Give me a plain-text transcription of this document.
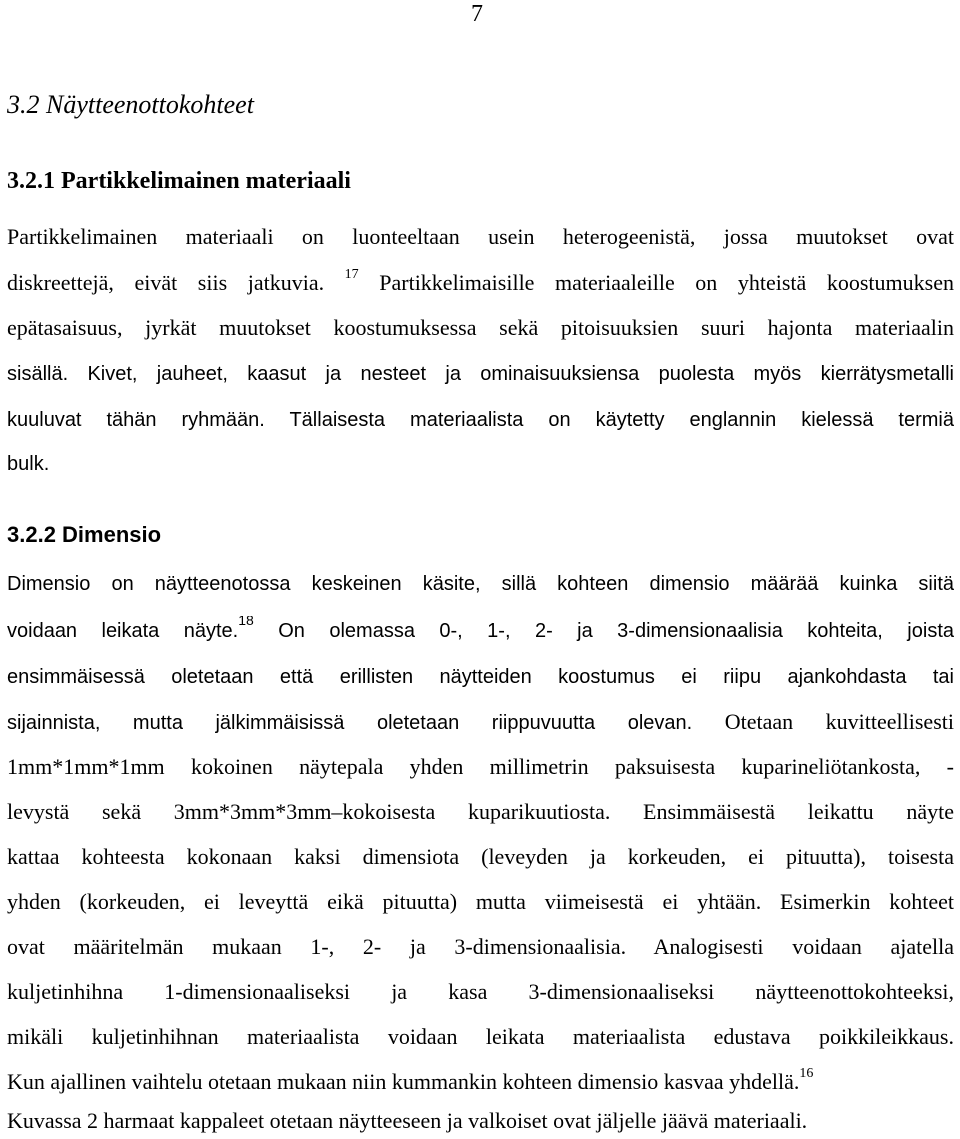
7
3.2 Näytteenottokohteet
3.2.1 Partikkelimainen materiaali
Partikkelimainen materiaali on luonteeltaan usein heterogeenistä, jossa muutokset ovat
diskreettejä, eivät siis jatkuvia. $^{17}$ Partikkelimaisille materiaaleille on yhteistä koostumuksen
epätasaisuus, jyrkät muutokset koostumuksessa sekä pitoisuuksien suuri hajonta materiaalin
sisällä. Kivet, jauheet, kaasut ja nesteet ja ominaisuuksiensa puolesta myös kierrätysmetalli
kuuluvat tähän ryhmään. Tällaisesta materiaalista on käytetty englannin kielessä termiä
bulk.
3.2.2 Dimensio
Dimensio on näytteenotossa keskeinen käsite, sillä kohteen dimensio määrää kuinka siitä
voidaan leikata näyte.$^{18}$ On olemassa 0-, 1-, 2- ja 3-dimensionaalisia kohteita, joista
ensimmäisessä oletetaan että erillisten näytteiden koostumus ei riipu ajankohdasta tai
sijainnista, mutta jälkimmäisissä oletetaan riippuvuutta olevan. Otetaan kuvitteellisesti
1mm*1mm*1mm kokoinen näytepala yhden millimetrin paksuisesta kuparineliötankosta, -
levystä sekä 3mm*3mm*3mm–kokoisesta kuparikuutiosta. Ensimmäisestä leikattu näyte
kattaa kohteesta kokonaan kaksi dimensiota (leveyden ja korkeuden, ei pituutta), toisesta
yhden (korkeuden, ei leveyttä eikä pituutta) mutta viimeisestä ei yhtään. Esimerkin kohteet
ovat määritelmän mukaan 1-, 2- ja 3-dimensionaalisia. Analogisesti voidaan ajatella
kuljetinhihna 1-dimensionaaliseksi ja kasa 3-dimensionaaliseksi näytteenottokohteeksi,
mikäli kuljetinhihnan materiaalista voidaan leikata materiaalista edustava poikkileikkaus.
Kun ajallinen vaihtelu otetaan mukaan niin kummankin kohteen dimensio kasvaa yhdellä.$^{16}$
Kuvassa 2 harmaat kappaleet otetaan näytteeseen ja valkoiset ovat jäljelle jäävä materiaali.
